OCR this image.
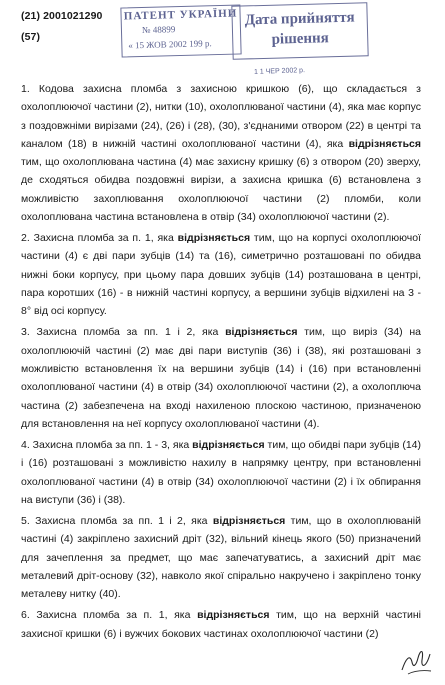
(21) 2001021290
(57)
ПАТЕНТ УКРАЇНИ
№ 48899
« 15 ЖОВ 2002 199 р.
Дата прийняття
рішення
1 1 ЧЕР 2002 р.

1. Кодова захисна пломба з захисною кришкою (6), що складається з охолоплюючої частини (2), нитки (10), охолоплюваної частини (4), яка має корпус з поздовжніми вирізами (24), (26) і (28), (30), з'єднаними отвором (22) в центрі та каналом (18) в нижній частині охолоплюваної частини (4), яка відрізняється тим, що охолоплювана частина (4) має захисну кришку (6) з отвором (20) зверху, де сходяться обидва поздовжні вирізи, а захисна кришка (6) встановлена з можливістю захоплювання охолоплюючої частини (2) пломби, коли охолоплювана частина встановлена в отвір (34) охолоплюючої частини (2).

2. Захисна пломба за п. 1, яка відрізняється тим, що на корпусі охолоплюючої частини (4) є дві пари зубців (14) та (16), симетрично розташовані по обидва нижні боки корпусу, при цьому пара довших зубців (14) розташована в центрі, пара коротших (16) - в нижній частині корпусу, а вершини зубців відхилені на 3 - 8° від осі корпусу.

3. Захисна пломба за пп. 1 і 2, яка відрізняється тим, що виріз (34) на охолоплюючій частині (2) має дві пари виступів (36) і (38), які розташовані з можливістю встановлення їх на вершини зубців (14) і (16) при встановленні охолоплюваної частини (4) в отвір (34) охолоплюючої частини (2), а охолоплюча частина (2) забезпечена на вході нахиленою плоскою частиною, призначеною для встановлення на неї корпусу охолоплюваної частини (4).

4. Захисна пломба за пп. 1 - 3, яка відрізняється тим, що обидві пари зубців (14) і (16) розташовані з можливістю нахилу в напрямку центру, при встановленні охолоплюваної частини (4) в отвір (34) охолоплюючої частини (2) і їх обпирання на виступи (36) і (38).

5. Захисна пломба за пп. 1 і 2, яка відрізняється тим, що в охолоплюваній частині (4) закріплено захисний дріт (32), вільний кінець якого (50) призначений для зачеплення за предмет, що має запечатуватись, а захисний дріт має металевий дріт-основу (32), навколо якої спірально накручено і закріплено тонку металеву нитку (40).

6. Захисна пломба за п. 1, яка відрізняється тим, що на верхній частині захисної кришки (6) і вужчих бокових частинах охолоплюючої частини (2)
